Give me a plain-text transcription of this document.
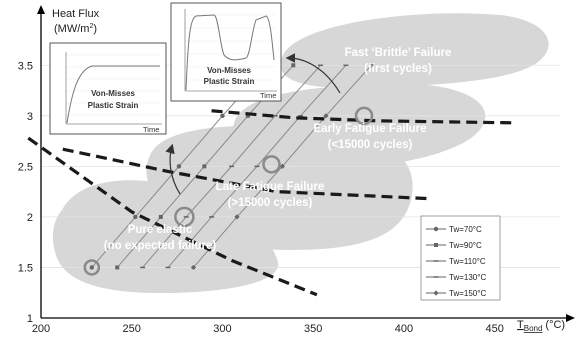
200	250	300	350	400	450
1
1.5
2
2.5
3
3.5
Heat Flux
$(MW/m^2)$
$T_{Bond}$ (°C)
Fast ‘Brittle’ Failure (first cycles)
Early Fatigue Failure (<15000 cycles)
Late Fatigue Failure (>15000 cycles)
Pure elastic (no expected failure)
Von-Misses Plastic Strain
Time
Von-Misses Plastic Strain
Time
Tw=70°C
Tw=90°C
Tw=110°C
Tw=130°C
Tw=150°C
